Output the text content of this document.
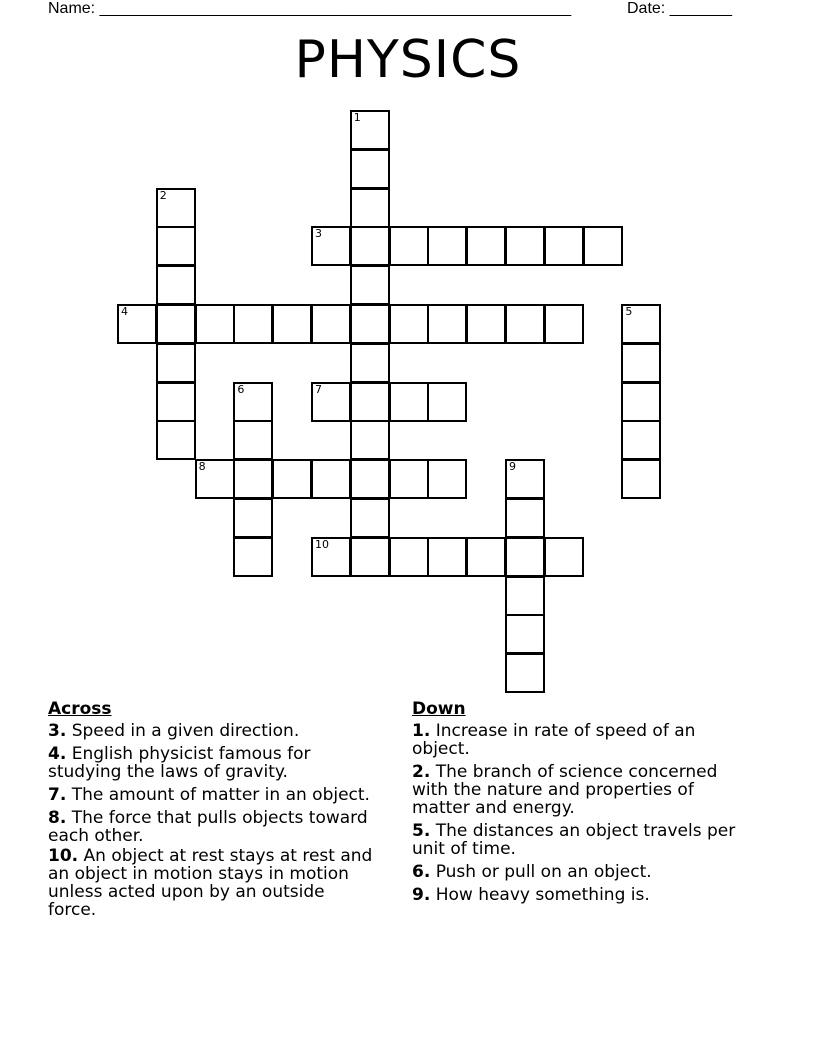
Name: _____________________________________________________	Date: _______
PHYSICS
1
2
3
4	5
6	7
8	9
10
Across
3. Speed in a given direction.
4. English physicist famous for studying the laws of gravity.
7. The amount of matter in an object.
8. The force that pulls objects toward each other.
10. An object at rest stays at rest and an object in motion stays in motion unless acted upon by an outside force.
Down
1. Increase in rate of speed of an object.
2. The branch of science concerned with the nature and properties of matter and energy.
5. The distances an object travels per unit of time.
6. Push or pull on an object.
9. How heavy something is.
